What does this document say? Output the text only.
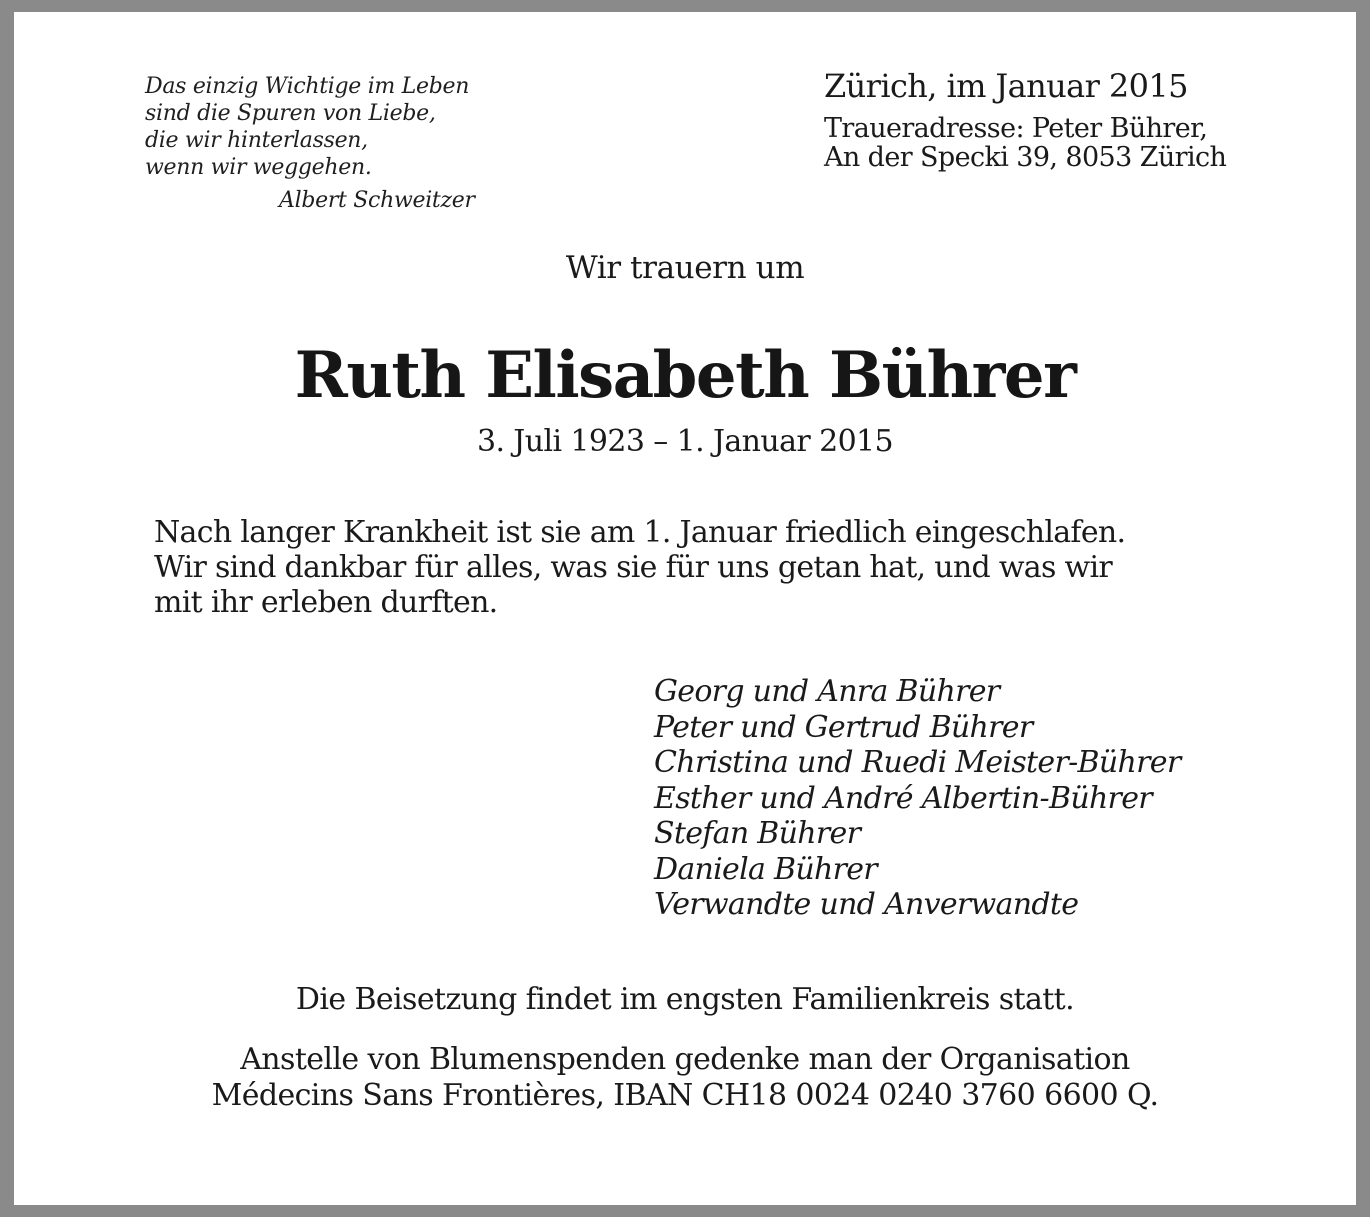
Das einzig Wichtige im Leben
sind die Spuren von Liebe,
die wir hinterlassen,
wenn wir weggehen.
Albert Schweitzer
Zürich, im Januar 2015
Traueradresse: Peter Bührer,
An der Specki 39, 8053 Zürich
Wir trauern um
Ruth Elisabeth Bührer
3. Juli 1923 – 1. Januar 2015
Nach langer Krankheit ist sie am 1. Januar friedlich eingeschlafen.
Wir sind dankbar für alles, was sie für uns getan hat, und was wir
mit ihr erleben durften.
Georg und Anra Bührer
Peter und Gertrud Bührer
Christina und Ruedi Meister-Bührer
Esther und André Albertin-Bührer
Stefan Bührer
Daniela Bührer
Verwandte und Anverwandte
Die Beisetzung findet im engsten Familienkreis statt.
Anstelle von Blumenspenden gedenke man der Organisation
Médecins Sans Frontières, IBAN CH18 0024 0240 3760 6600 Q.
